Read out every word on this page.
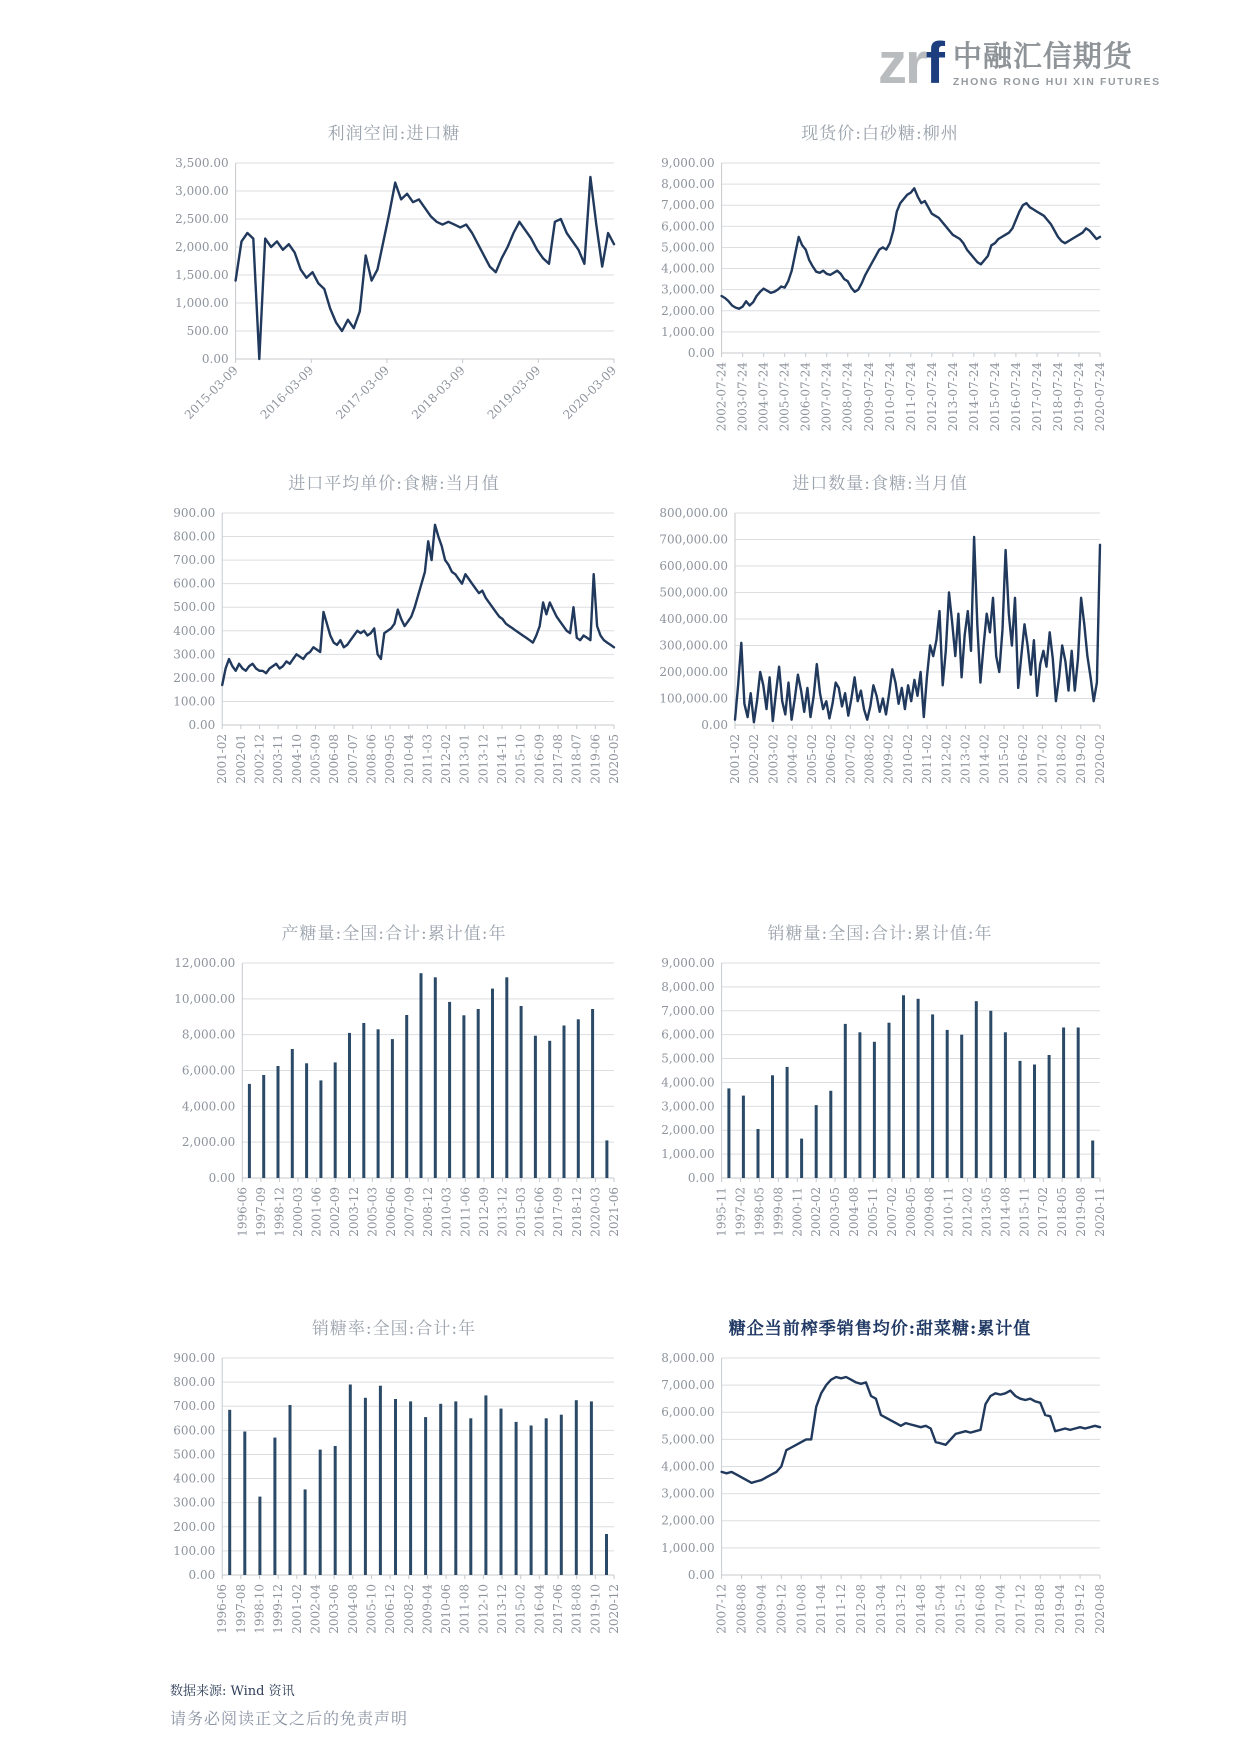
zrf 中融汇信期货
ZHONG RONG HUI XIN FUTURES
利润空间:进口糖
0.00
500.00
1,000.00
1,500.00
2,000.00
2,500.00
3,000.00
3,500.00
2015-03-09 2016-03-09 2017-03-09 2018-03-09 2019-03-09 2020-03-09
现货价:白砂糖:柳州
0.00
1,000.00
2,000.00
3,000.00
4,000.00
5,000.00
6,000.00
7,000.00
8,000.00
9,000.00
2002-07-24 2003-07-24 2004-07-24 2005-07-24 2006-07-24 2007-07-24 2008-07-24 2009-07-24 2010-07-24 2011-07-24 2012-07-24 2013-07-24 2014-07-24 2015-07-24 2016-07-24 2017-07-24 2018-07-24 2019-07-24 2020-07-24
进口平均单价:食糖:当月值
0.00
100.00
200.00
300.00
400.00
500.00
600.00
700.00
800.00
900.00
2001-02 2002-01 2002-12 2003-11 2004-10 2005-09 2006-08 2007-07 2008-06 2009-05 2010-04 2011-03 2012-02 2013-01 2013-12 2014-11 2015-10 2016-09 2017-08 2018-07 2019-06 2020-05
进口数量:食糖:当月值
0.00
100,000.00
200,000.00
300,000.00
400,000.00
500,000.00
600,000.00
700,000.00
800,000.00
2001-02 2002-02 2003-02 2004-02 2005-02 2006-02 2007-02 2008-02 2009-02 2010-02 2011-02 2012-02 2013-02 2014-02 2015-02 2016-02 2017-02 2018-02 2019-02 2020-02
产糖量:全国:合计:累计值:年
0.00
2,000.00
4,000.00
6,000.00
8,000.00
10,000.00
12,000.00
1996-06 1997-09 1998-12 2000-03 2001-06 2002-09 2003-12 2005-03 2006-06 2007-09 2008-12 2010-03 2011-06 2012-09 2013-12 2015-03 2016-06 2017-09 2018-12 2020-03 2021-06
销糖量:全国:合计:累计值:年
0.00
1,000.00
2,000.00
3,000.00
4,000.00
5,000.00
6,000.00
7,000.00
8,000.00
9,000.00
1995-11 1997-02 1998-05 1999-08 2000-11 2002-02 2003-05 2004-08 2005-11 2007-02 2008-05 2009-08 2010-11 2012-02 2013-05 2014-08 2015-11 2017-02 2018-05 2019-08 2020-11
销糖率:全国:合计:年
0.00
100.00
200.00
300.00
400.00
500.00
600.00
700.00
800.00
900.00
1996-06 1997-08 1998-10 1999-12 2001-02 2002-04 2003-06 2004-08 2005-10 2006-12 2008-02 2009-04 2010-06 2011-08 2012-10 2013-12 2015-02 2016-04 2017-06 2018-08 2019-10 2020-12
糖企当前榨季销售均价:甜菜糖:累计值
0.00
1,000.00
2,000.00
3,000.00
4,000.00
5,000.00
6,000.00
7,000.00
8,000.00
2007-12 2008-08 2009-04 2009-12 2010-08 2011-04 2011-12 2012-08 2013-04 2013-12 2014-08 2015-04 2015-12 2016-08 2017-04 2017-12 2018-08 2019-04 2019-12 2020-08
数据来源: Wind 资讯
请务必阅读正文之后的免责声明
